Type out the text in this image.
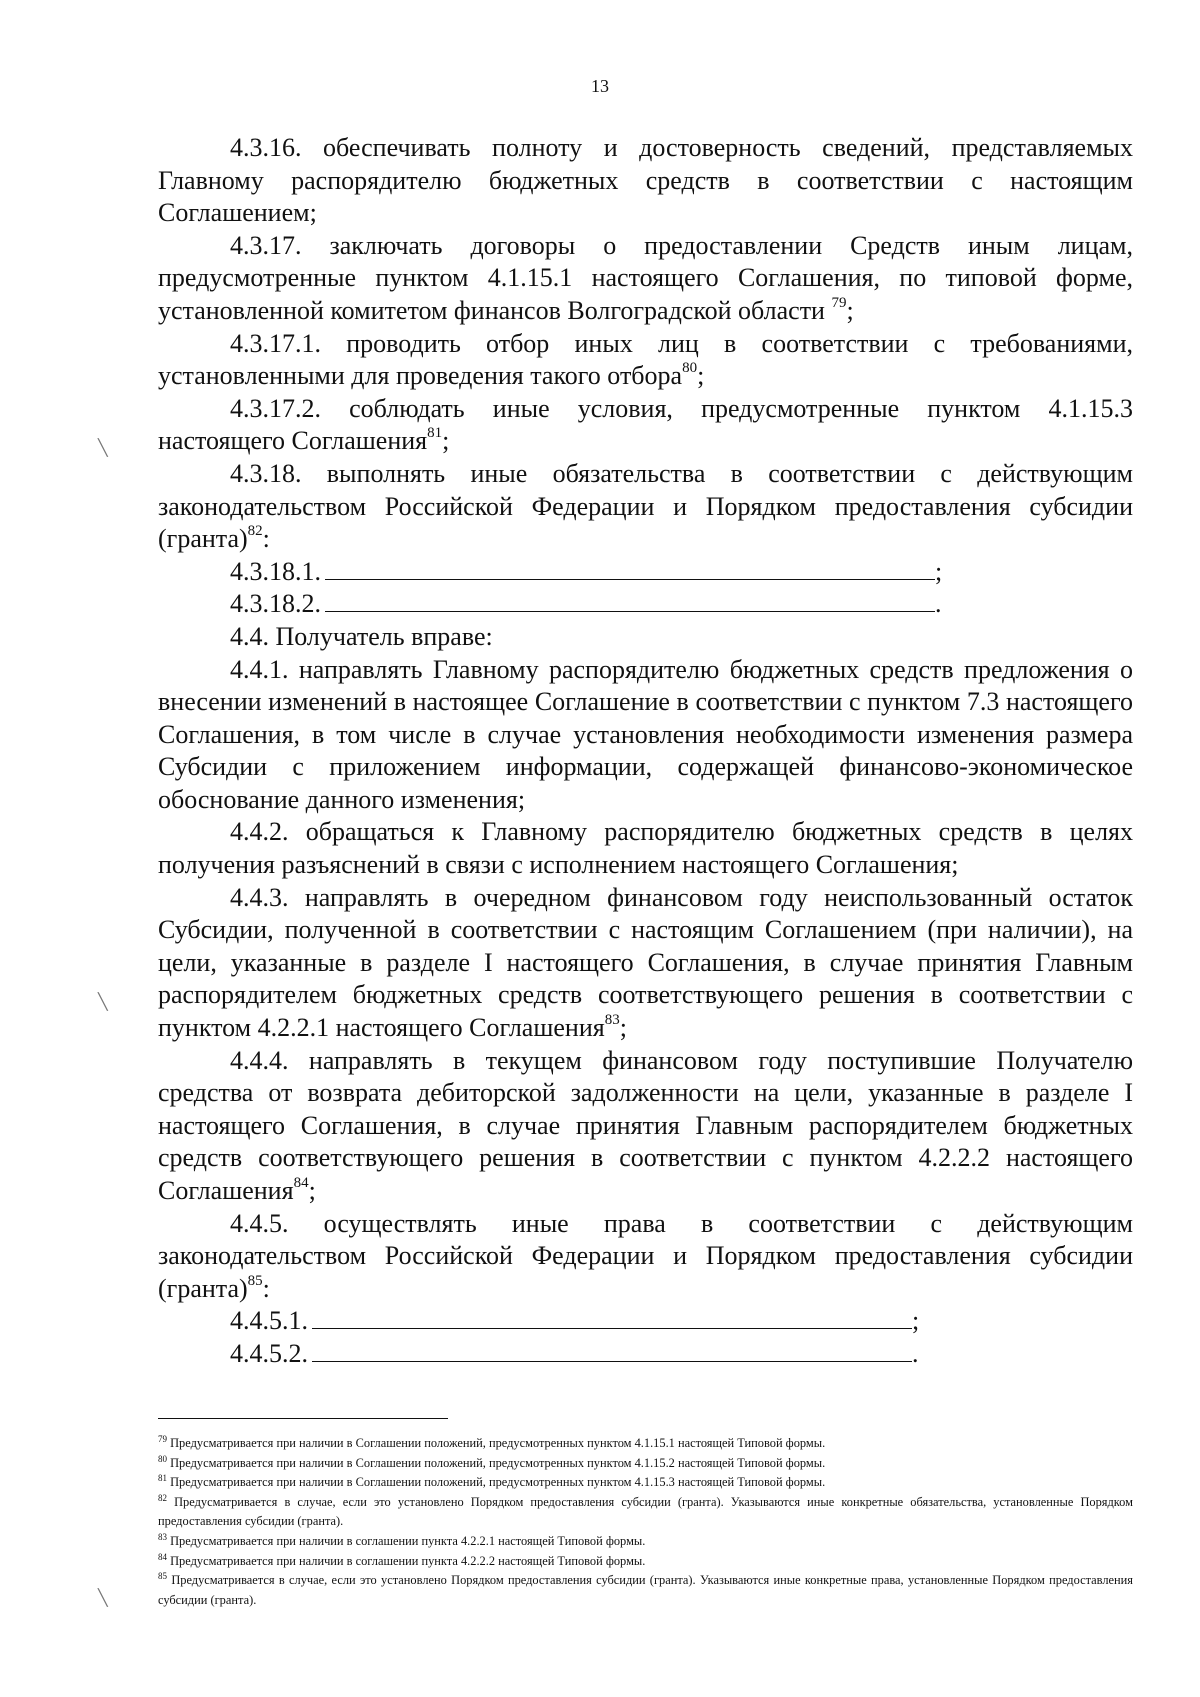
13

4.3.16. обеспечивать полноту и достоверность сведений, представляемых Главному распорядителю бюджетных средств в соответствии с настоящим Соглашением;

4.3.17. заключать договоры о предоставлении Средств иным лицам, предусмотренные пунктом 4.1.15.1 настоящего Соглашения, по типовой форме, установленной комитетом финансов Волгоградской области $^{79}$;

4.3.17.1. проводить отбор иных лиц в соответствии с требованиями, установленными для проведения такого отбора$^{80}$;

4.3.17.2. соблюдать иные условия, предусмотренные пунктом 4.1.15.3 настоящего Соглашения$^{81}$;

4.3.18. выполнять иные обязательства в соответствии с действующим законодательством Российской Федерации и Порядком предоставления субсидии (гранта)$^{82}$:

4.3.18.1.	;

4.3.18.2.	.

4.4. Получатель вправе:

4.4.1. направлять Главному распорядителю бюджетных средств предложения о внесении изменений в настоящее Соглашение в соответствии с пунктом 7.3 настоящего Соглашения, в том числе в случае установления необходимости изменения размера Субсидии с приложением информации, содержащей финансово-экономическое обоснование данного изменения;

4.4.2. обращаться к Главному распорядителю бюджетных средств в целях получения разъяснений в связи с исполнением настоящего Соглашения;

4.4.3. направлять в очередном финансовом году неиспользованный остаток Субсидии, полученной в соответствии с настоящим Соглашением (при наличии), на цели, указанные в разделе I настоящего Соглашения, в случае принятия Главным распорядителем бюджетных средств соответствующего решения в соответствии с пунктом 4.2.2.1 настоящего Соглашения$^{83}$;

4.4.4. направлять в текущем финансовом году поступившие Получателю средства от возврата дебиторской задолженности на цели, указанные в разделе I настоящего Соглашения, в случае принятия Главным распорядителем бюджетных средств соответствующего решения в соответствии с пунктом 4.2.2.2 настоящего Соглашения$^{84}$;

4.4.5. осуществлять иные права в соответствии с действующим законодательством Российской Федерации и Порядком предоставления субсидии (гранта)$^{85}$:

4.4.5.1.	;

4.4.5.2.	.

$^{79}$ Предусматривается при наличии в Соглашении положений, предусмотренных пунктом 4.1.15.1 настоящей Типовой формы.

$^{80}$ Предусматривается при наличии в Соглашении положений, предусмотренных пунктом 4.1.15.2 настоящей Типовой формы.

$^{81}$ Предусматривается при наличии в Соглашении положений, предусмотренных пунктом 4.1.15.3 настоящей Типовой формы.

$^{82}$ Предусматривается в случае, если это установлено Порядком предоставления субсидии (гранта). Указываются иные конкретные обязательства, установленные Порядком предоставления субсидии (гранта).

$^{83}$ Предусматривается при наличии в соглашении пункта 4.2.2.1 настоящей Типовой формы.

$^{84}$ Предусматривается при наличии в соглашении пункта 4.2.2.2 настоящей Типовой формы.

$^{85}$ Предусматривается в случае, если это установлено Порядком предоставления субсидии (гранта). Указываются иные конкретные права, установленные Порядком предоставления субсидии (гранта).

╲
╲
╲
